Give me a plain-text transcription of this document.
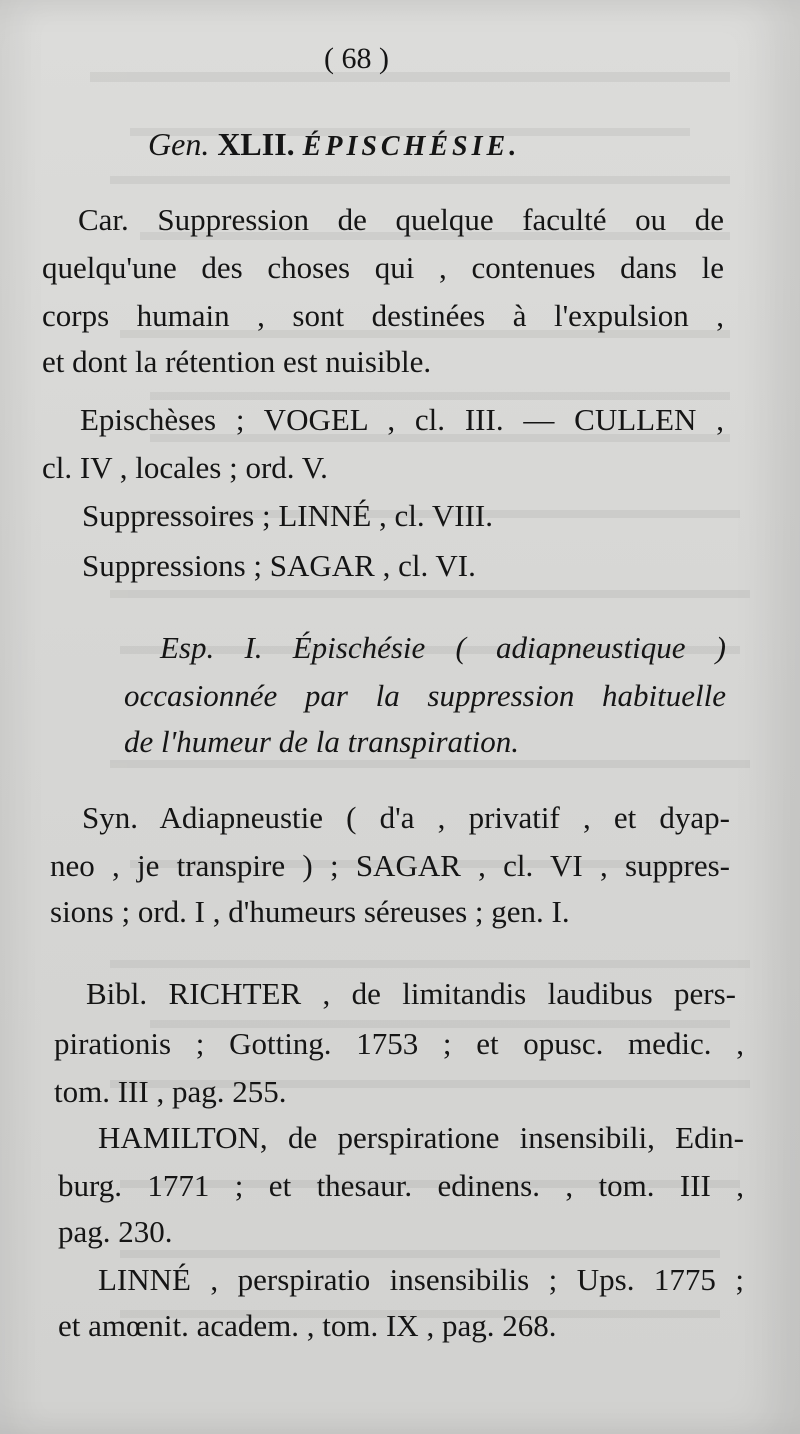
( 68 )
Gen. XLII. ÉPISCHÉSIE.
Car. Suppression de quelque faculté ou de
quelqu'une des choses qui , contenues dans le
corps humain , sont destinées à l'expulsion ,
et dont la rétention est nuisible.
Epischèses ; VOGEL , cl. III. — CULLEN ,
cl. IV , locales ; ord. V.
Suppressoires ; LINNÉ , cl. VIII.
Suppressions ; SAGAR , cl. VI.
Esp. I. Épischésie ( adiapneustique )
occasionnée par la suppression habituelle
de l'humeur de la transpiration.
Syn. Adiapneustie ( d'a , privatif , et dyap-
neo , je transpire ) ; SAGAR , cl. VI , suppres-
sions ; ord. I , d'humeurs séreuses ; gen. I.
Bibl. RICHTER , de limitandis laudibus pers-
pirationis ; Gotting. 1753 ; et opusc. medic. ,
tom. III , pag. 255.
HAMILTON, de perspiratione insensibili, Edin-
burg. 1771 ; et thesaur. edinens. , tom. III ,
pag. 230.
LINNÉ , perspiratio insensibilis ; Ups. 1775 ;
et amœnit. academ. , tom. IX , pag. 268.
